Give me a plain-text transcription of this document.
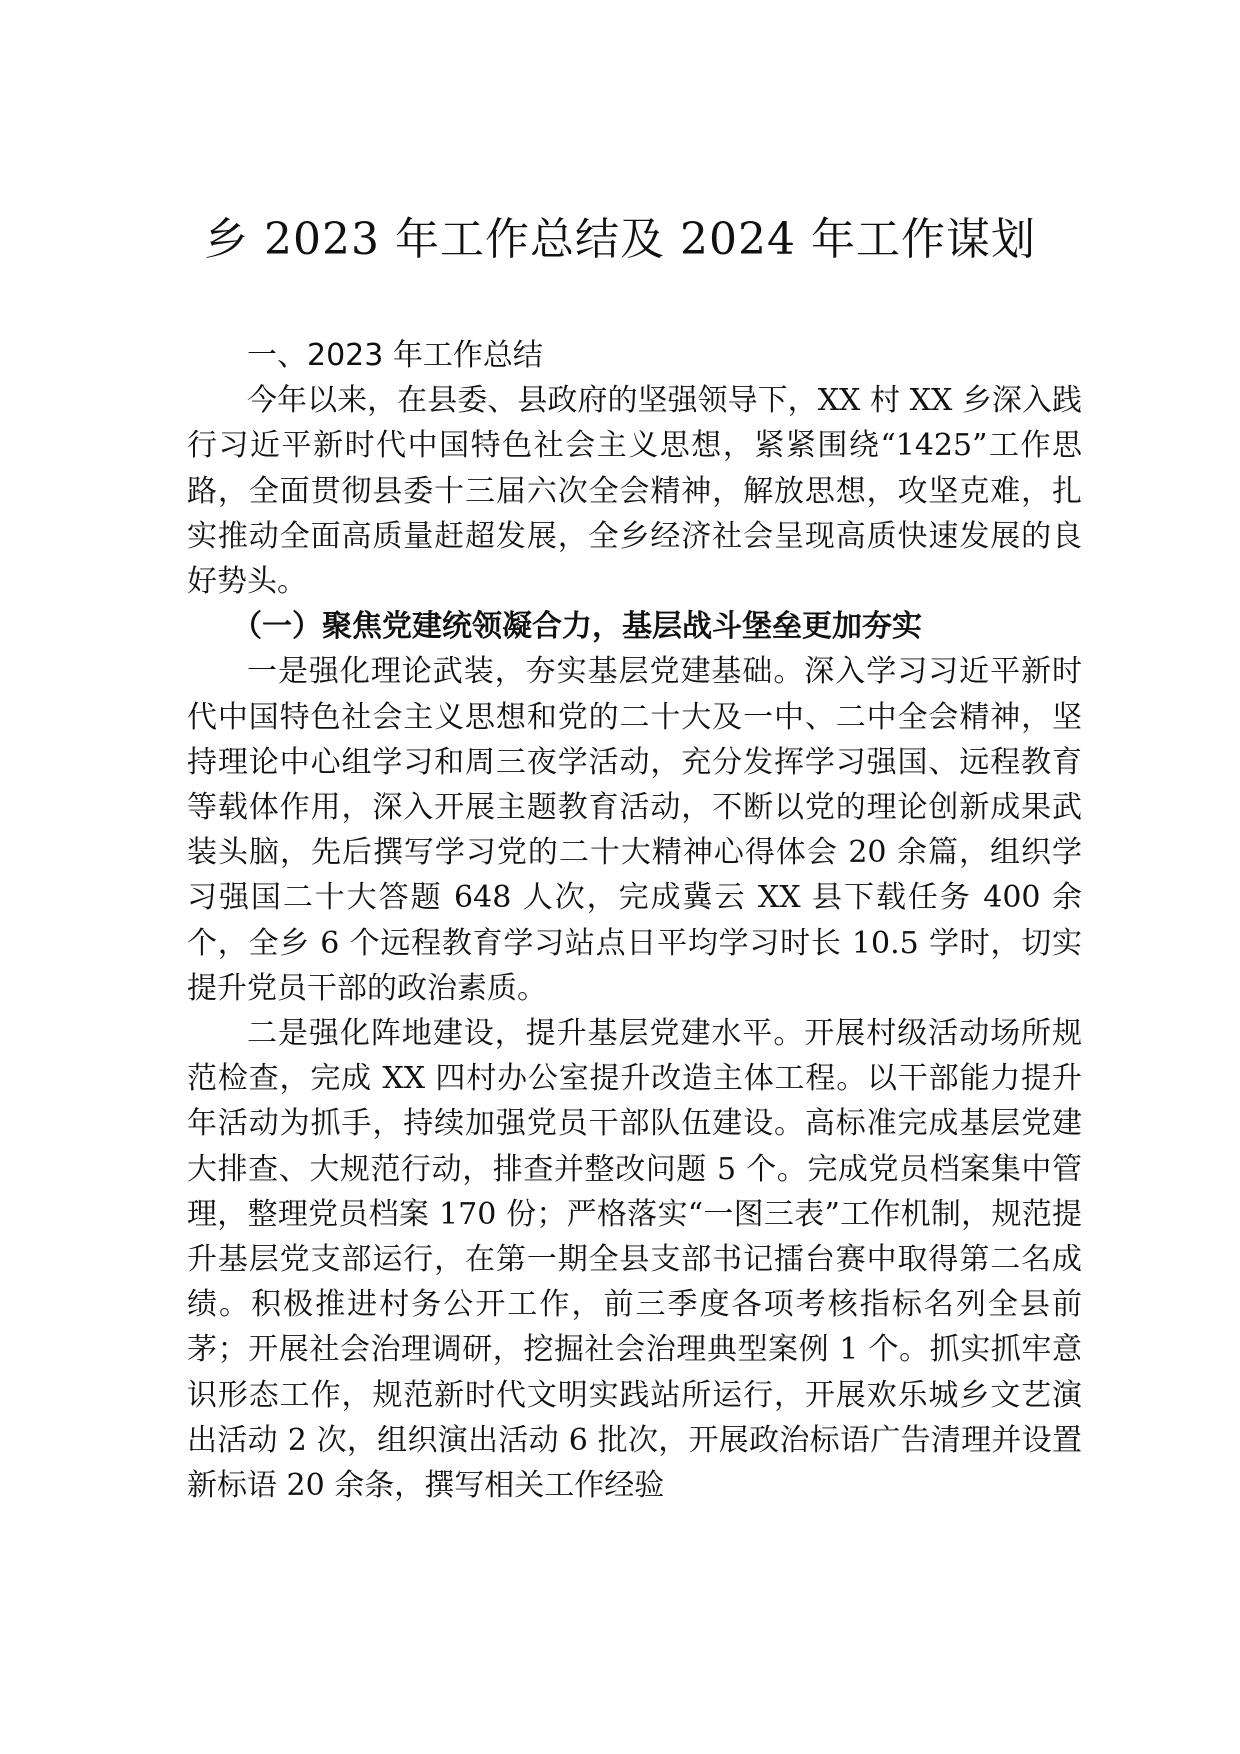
乡 2023 年工作总结及 2024 年工作谋划

一、2023 年工作总结

今年以来，在县委、县政府的坚强领导下，XX 村 XX 乡深入践行习近平新时代中国特色社会主义思想，紧紧围绕“1425”工作思路，全面贯彻县委十三届六次全会精神，解放思想，攻坚克难，扎实推动全面高质量赶超发展，全乡经济社会呈现高质快速发展的良好势头。

（一）聚焦党建统领凝合力，基层战斗堡垒更加夯实

一是强化理论武装，夯实基层党建基础。深入学习习近平新时代中国特色社会主义思想和党的二十大及一中、二中全会精神，坚持理论中心组学习和周三夜学活动，充分发挥学习强国、远程教育等载体作用，深入开展主题教育活动，不断以党的理论创新成果武装头脑，先后撰写学习党的二十大精神心得体会 20 余篇，组织学习强国二十大答题 648 人次，完成冀云 XX 县下载任务 400 余个，全乡 6 个远程教育学习站点日平均学习时长 10.5 学时，切实提升党员干部的政治素质。

二是强化阵地建设，提升基层党建水平。开展村级活动场所规范检查，完成 XX 四村办公室提升改造主体工程。以干部能力提升年活动为抓手，持续加强党员干部队伍建设。高标准完成基层党建大排查、大规范行动，排查并整改问题 5 个。完成党员档案集中管理，整理党员档案 170 份；严格落实“一图三表”工作机制，规范提升基层党支部运行，在第一期全县支部书记擂台赛中取得第二名成绩。积极推进村务公开工作，前三季度各项考核指标名列全县前茅；开展社会治理调研，挖掘社会治理典型案例 1 个。抓实抓牢意识形态工作，规范新时代文明实践站所运行，开展欢乐城乡文艺演出活动 2 次，组织演出活动 6 批次，开展政治标语广告清理并设置新标语 20 余条，撰写相关工作经验
